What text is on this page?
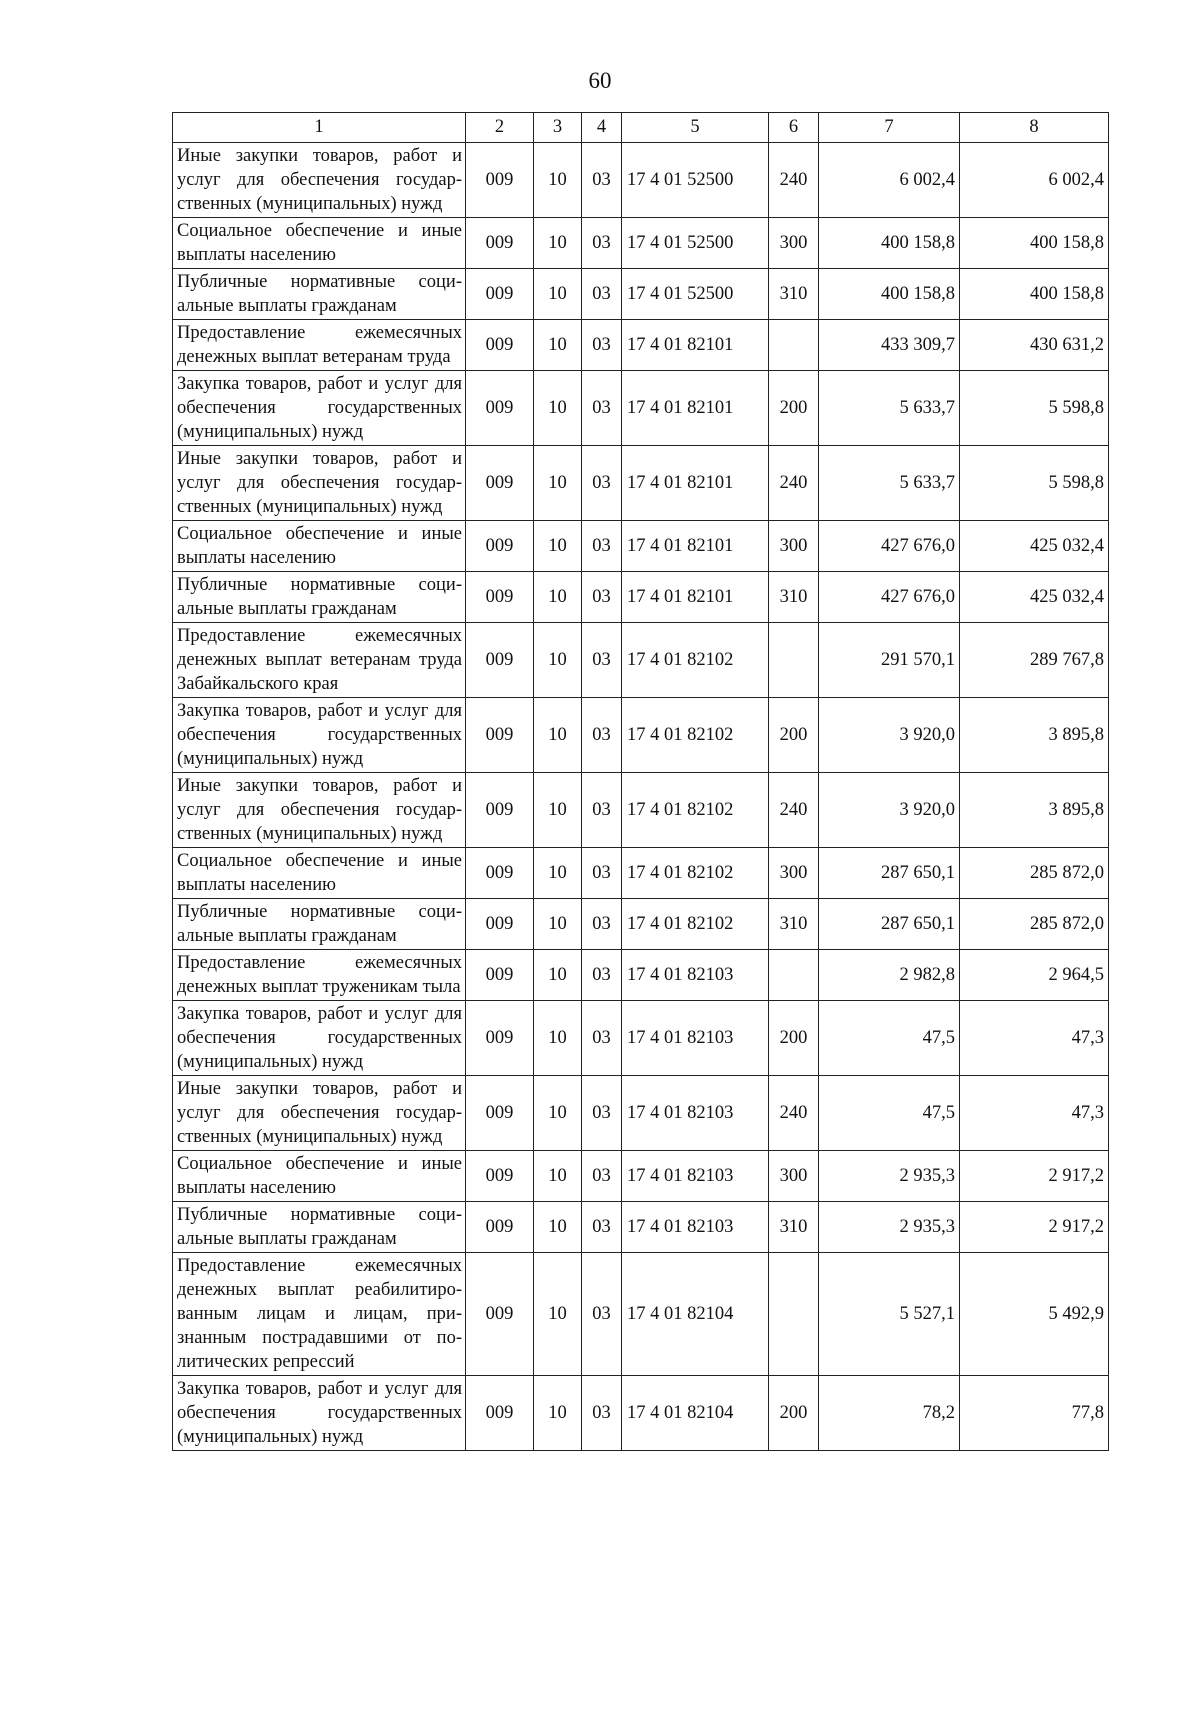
60
1	2	3	4	5	6	7	8
Иные закупки товаров, работ и услуг для обеспечения государственных (муниципальных) нужд	009	10	03	17 4 01 52500	240	6 002,4	6 002,4
Социальное обеспечение и иные выплаты населению	009	10	03	17 4 01 52500	300	400 158,8	400 158,8
Публичные нормативные социальные выплаты гражданам	009	10	03	17 4 01 52500	310	400 158,8	400 158,8
Предоставление ежемесячных денежных выплат ветеранам труда	009	10	03	17 4 01 82101		433 309,7	430 631,2
Закупка товаров, работ и услуг для обеспечения государственных (муниципальных) нужд	009	10	03	17 4 01 82101	200	5 633,7	5 598,8
Иные закупки товаров, работ и услуг для обеспечения государственных (муниципальных) нужд	009	10	03	17 4 01 82101	240	5 633,7	5 598,8
Социальное обеспечение и иные выплаты населению	009	10	03	17 4 01 82101	300	427 676,0	425 032,4
Публичные нормативные социальные выплаты гражданам	009	10	03	17 4 01 82101	310	427 676,0	425 032,4
Предоставление ежемесячных денежных выплат ветеранам труда Забайкальского края	009	10	03	17 4 01 82102		291 570,1	289 767,8
Закупка товаров, работ и услуг для обеспечения государственных (муниципальных) нужд	009	10	03	17 4 01 82102	200	3 920,0	3 895,8
Иные закупки товаров, работ и услуг для обеспечения государственных (муниципальных) нужд	009	10	03	17 4 01 82102	240	3 920,0	3 895,8
Социальное обеспечение и иные выплаты населению	009	10	03	17 4 01 82102	300	287 650,1	285 872,0
Публичные нормативные социальные выплаты гражданам	009	10	03	17 4 01 82102	310	287 650,1	285 872,0
Предоставление ежемесячных денежных выплат труженикам тыла	009	10	03	17 4 01 82103		2 982,8	2 964,5
Закупка товаров, работ и услуг для обеспечения государственных (муниципальных) нужд	009	10	03	17 4 01 82103	200	47,5	47,3
Иные закупки товаров, работ и услуг для обеспечения государственных (муниципальных) нужд	009	10	03	17 4 01 82103	240	47,5	47,3
Социальное обеспечение и иные выплаты населению	009	10	03	17 4 01 82103	300	2 935,3	2 917,2
Публичные нормативные социальные выплаты гражданам	009	10	03	17 4 01 82103	310	2 935,3	2 917,2
Предоставление ежемесячных денежных выплат реабилитированным лицам и лицам, признанным пострадавшими от политических репрессий	009	10	03	17 4 01 82104		5 527,1	5 492,9
Закупка товаров, работ и услуг для обеспечения государственных (муниципальных) нужд	009	10	03	17 4 01 82104	200	78,2	77,8
